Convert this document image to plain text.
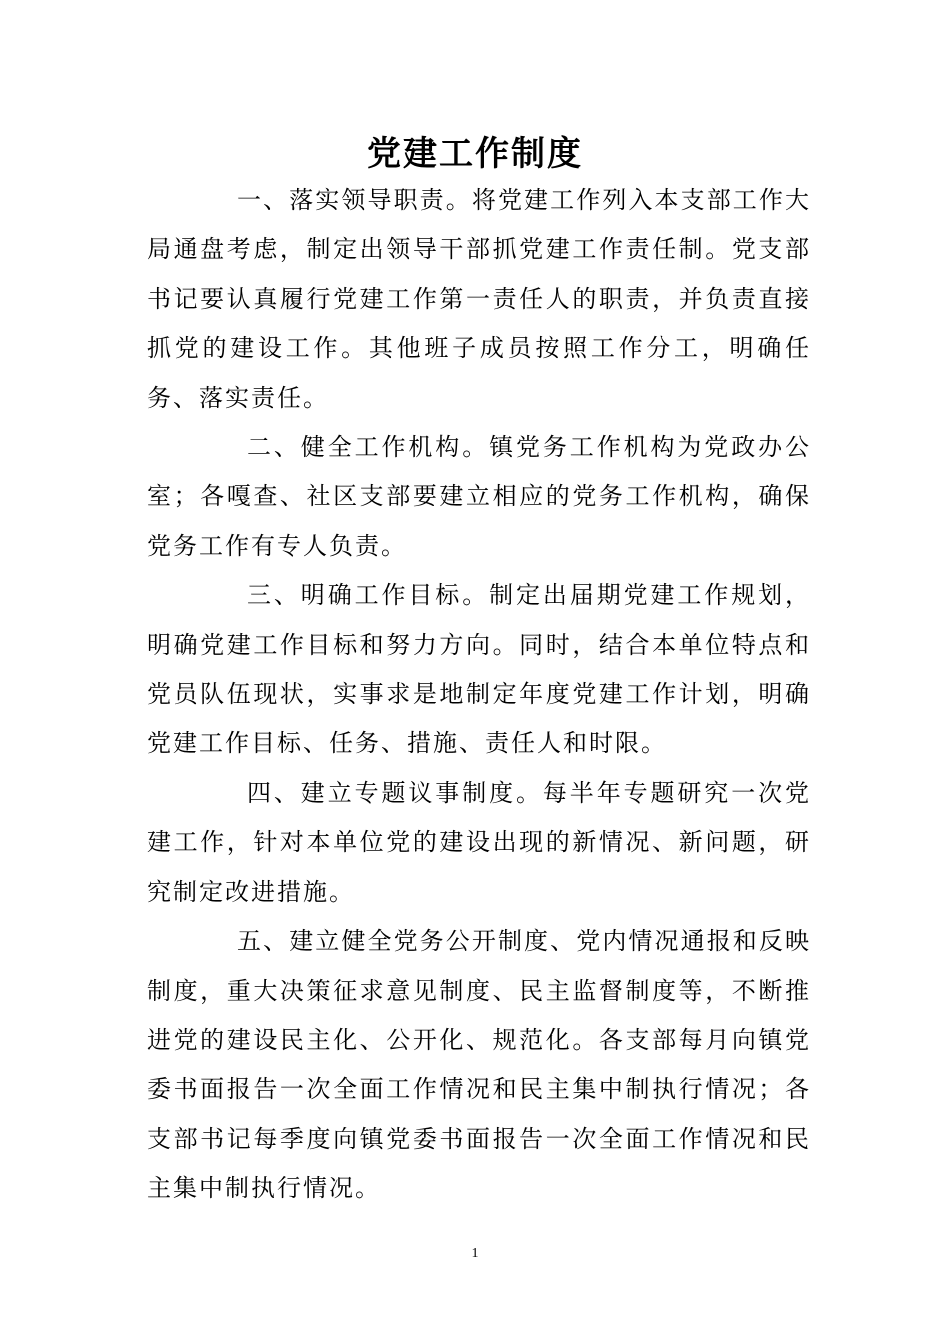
党建工作制度

一、落实领导职责。将党建工作列入本支部工作大局通盘考虑，制定出领导干部抓党建工作责任制。党支部书记要认真履行党建工作第一责任人的职责，并负责直接抓党的建设工作。其他班子成员按照工作分工，明确任务、落实责任。

二、健全工作机构。镇党务工作机构为党政办公室；各嘎查、社区支部要建立相应的党务工作机构，确保党务工作有专人负责。

三、明确工作目标。制定出届期党建工作规划，明确党建工作目标和努力方向。同时，结合本单位特点和党员队伍现状，实事求是地制定年度党建工作计划，明确党建工作目标、任务、措施、责任人和时限。

四、建立专题议事制度。每半年专题研究一次党建工作，针对本单位党的建设出现的新情况、新问题，研究制定改进措施。

五、建立健全党务公开制度、党内情况通报和反映制度，重大决策征求意见制度、民主监督制度等，不断推进党的建设民主化、公开化、规范化。各支部每月向镇党委书面报告一次全面工作情况和民主集中制执行情况；各支部书记每季度向镇党委书面报告一次全面工作情况和民主集中制执行情况。

1
